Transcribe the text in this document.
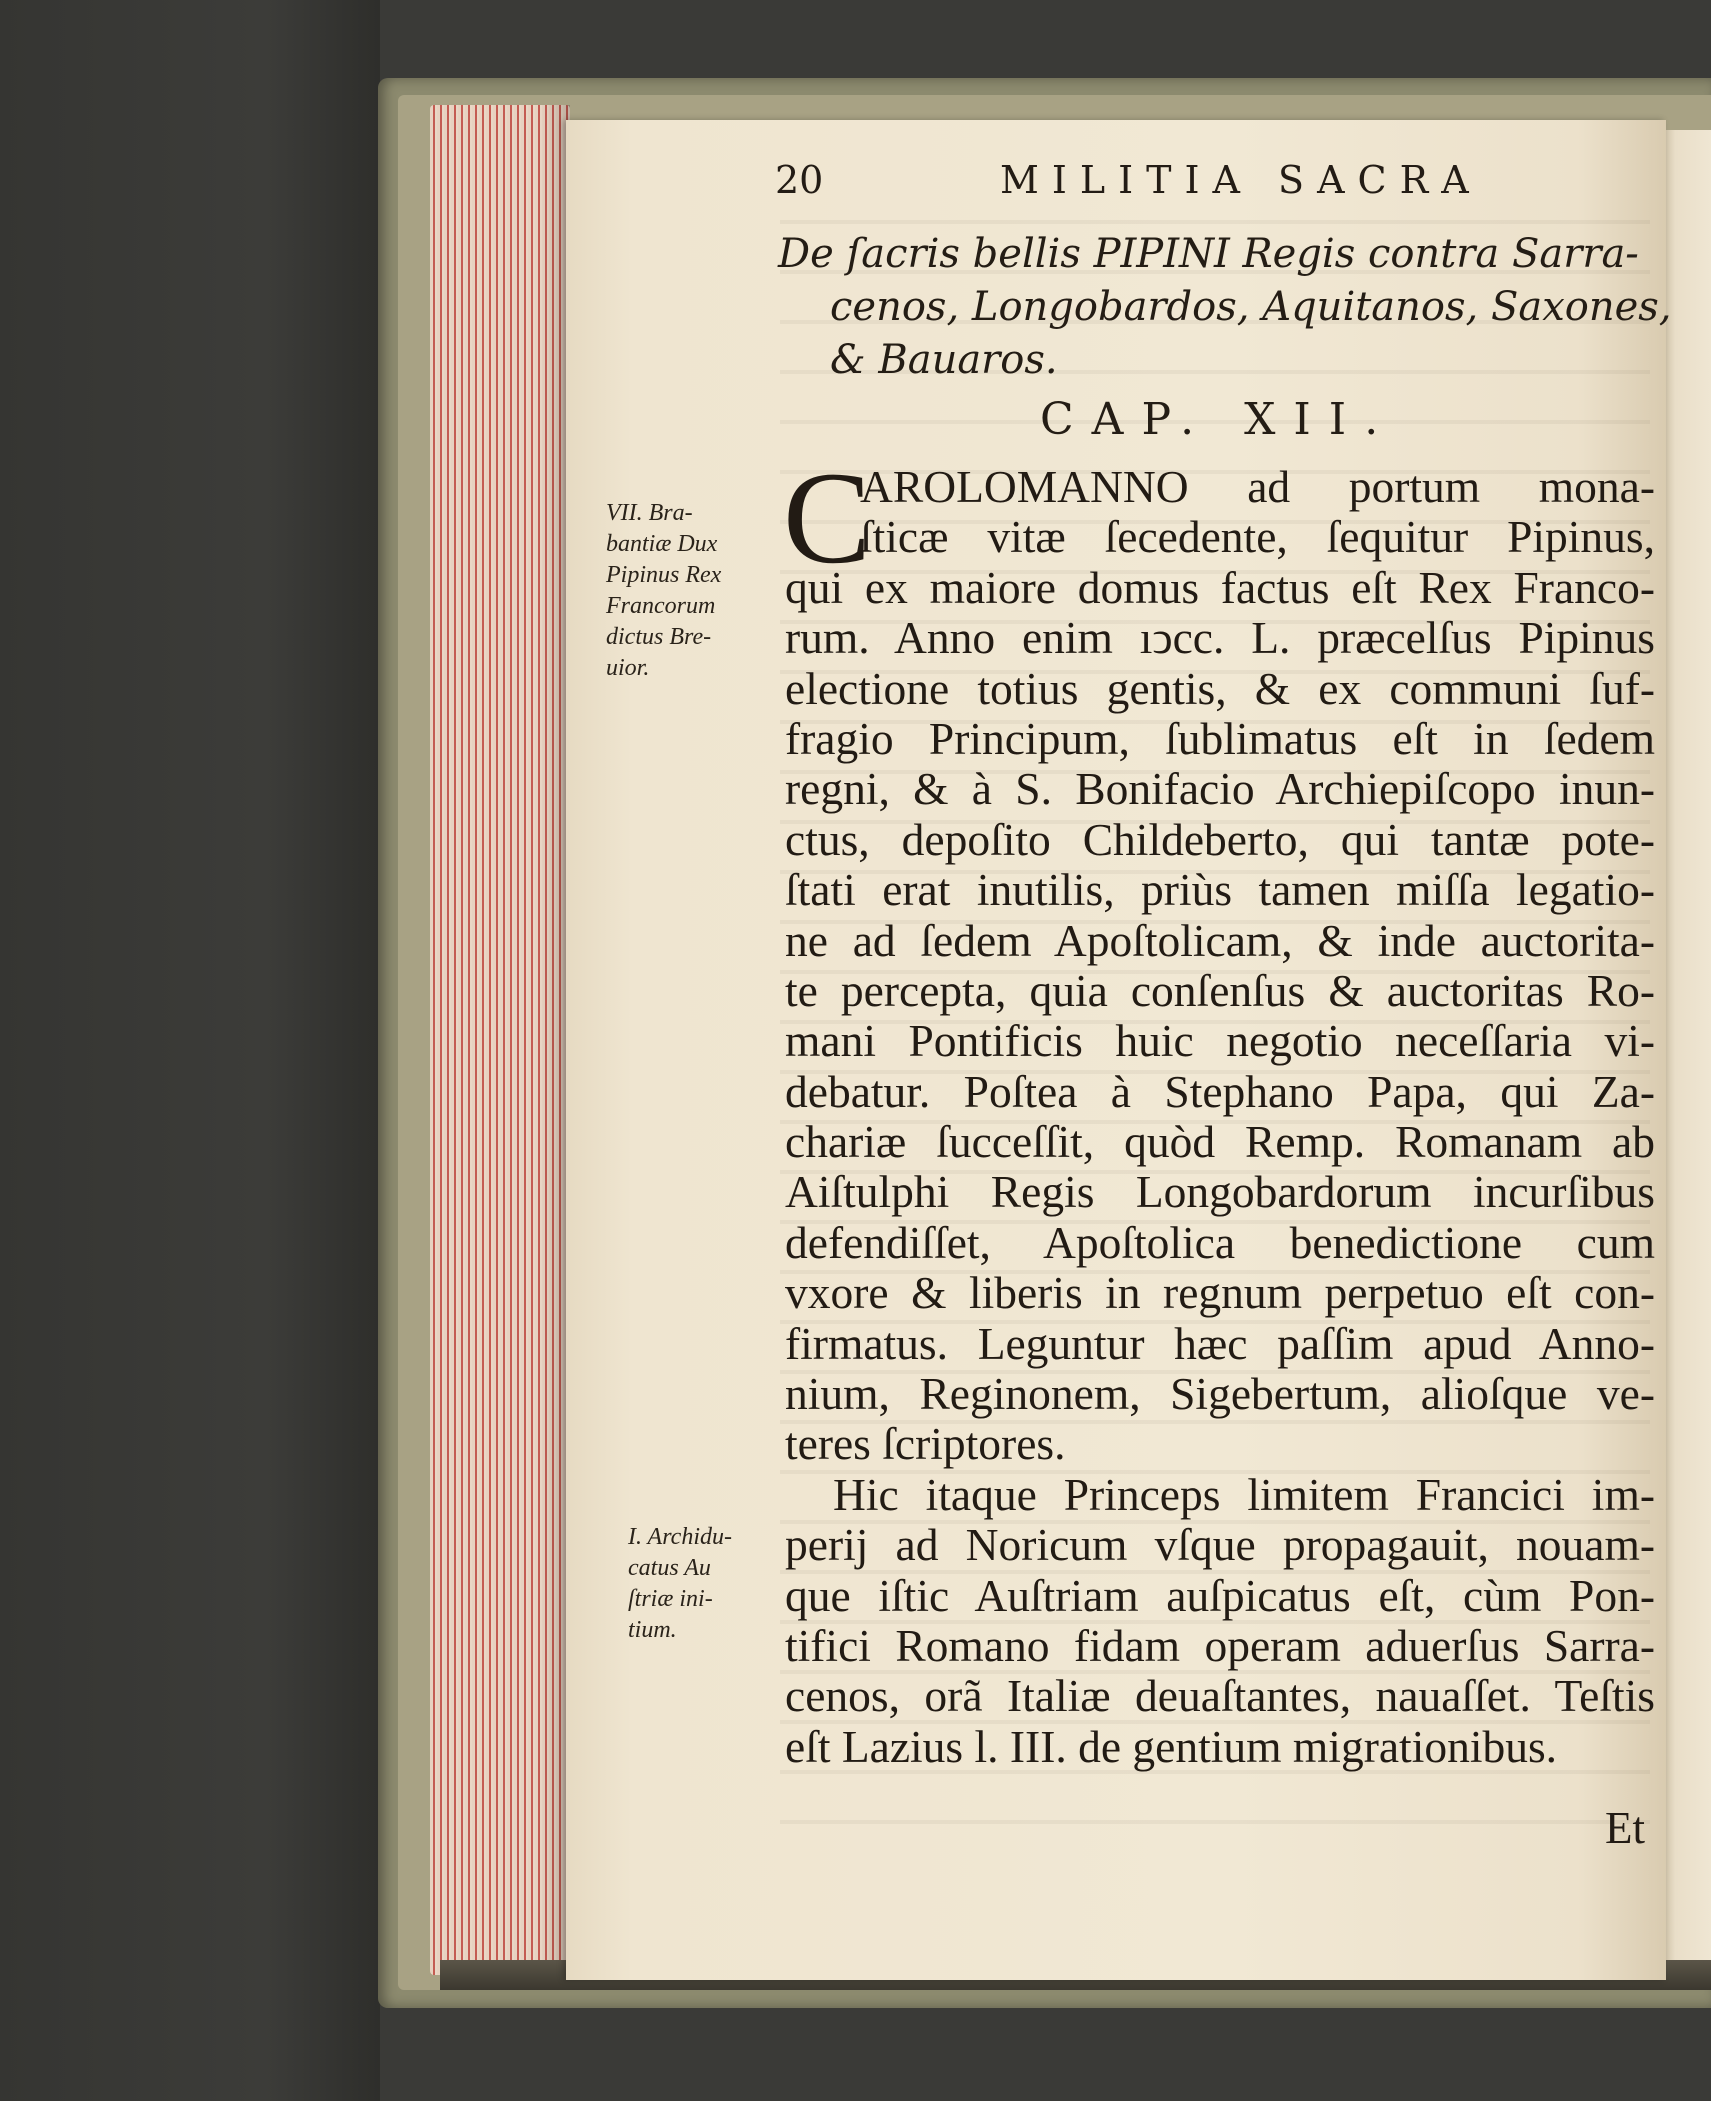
20	MILITIA SACRA
De ſacris bellis PIPINI Regis contra Sarra-
cenos, Longobardos, Aquitanos, Saxones,
& Bauaros.
CAP. XII.
C
AROLOMANNO ad portum mona-
ſticæ vitæ ſecedente, ſequitur Pipinus,
qui ex maiore domus factus eſt Rex Franco-
rum. Anno enim ıↄcc. L. præcelſus Pipinus
electione totius gentis, & ex communi ſuf-
fragio Principum, ſublimatus eſt in ſedem
regni, & à S. Bonifacio Archiepiſcopo inun-
ctus, depoſito Childeberto, qui tantæ pote-
ſtati erat inutilis, priùs tamen miſſa legatio-
ne ad ſedem Apoſtolicam, & inde auctorita-
te percepta, quia conſenſus & auctoritas Ro-
mani Pontificis huic negotio neceſſaria vi-
debatur. Poſtea à Stephano Papa, qui Za-
chariæ ſucceſſit, quòd Remp. Romanam ab
Aiſtulphi Regis Longobardorum incurſibus
defendiſſet, Apoſtolica benedictione cum
vxore & liberis in regnum perpetuo eſt con-
firmatus. Leguntur hæc paſſim apud Anno-
nium, Reginonem, Sigebertum, alioſque ve-
teres ſcriptores.
Hic itaque Princeps limitem Francici im-
perij ad Noricum vſque propagauit, nouam-
que iſtic Auſtriam auſpicatus eſt, cùm Pon-
tifici Romano fidam operam aduerſus Sarra-
cenos, orã Italiæ deuaſtantes, nauaſſet. Teſtis
eſt Lazius l. III. de gentium migrationibus.
VII. Bra-
bantiæ Dux
Pipinus Rex
Francorum
dictus Bre-
uior.
I. Archidu-
catus Au
ſtriæ ini-
tium.
Et
